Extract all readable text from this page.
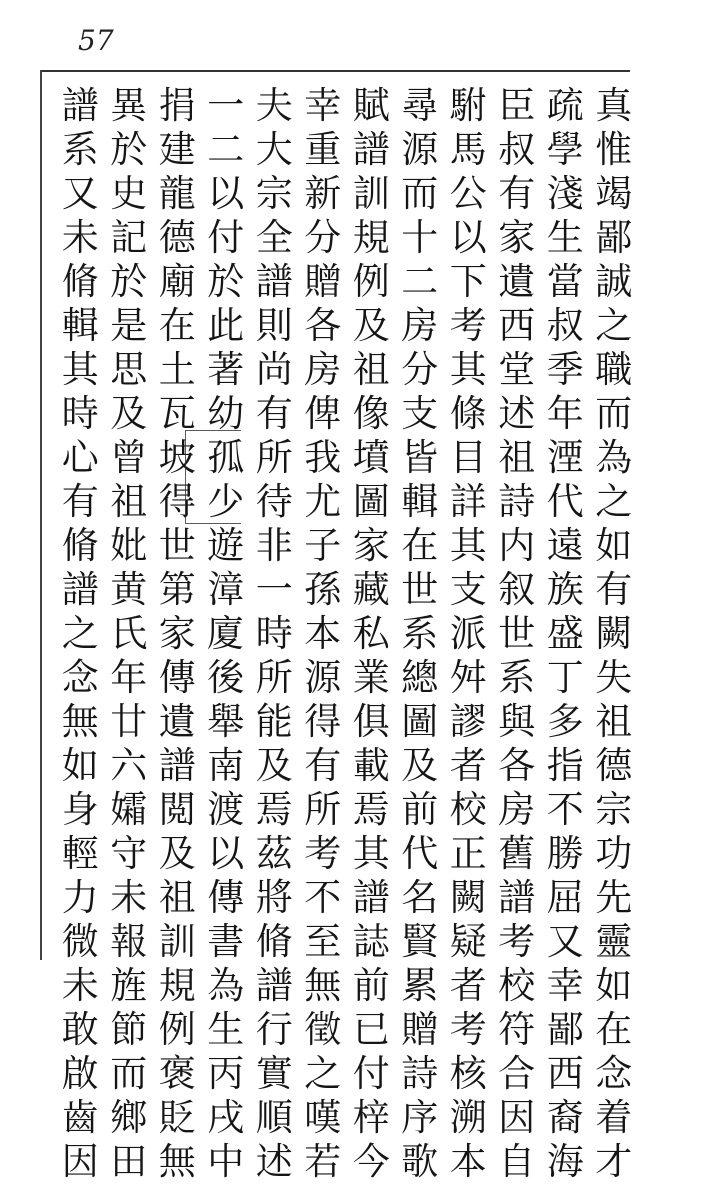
57
真
惟
竭
鄙
誠
之
職
而
為
之
如
有
闕
失
祖
德
宗
功
先
靈
如
在
念
着
才
疏
學
淺
生
當
叔
季
年
湮
代
遠
族
盛
丁
多
指
不
勝
屈
又
幸
鄙
西
裔
海
臣
叔
有
家
遺
西
堂
述
祖
詩
内
叙
世
系
與
各
房
舊
譜
考
校
符
合
因
自
駙
馬
公
以
下
考
其
條
目
詳
其
支
派
舛
謬
者
校
正
闕
疑
者
考
核
溯
本
尋
源
而
十
二
房
分
支
皆
輯
在
世
系
總
圖
及
前
代
名
賢
累
贈
詩
序
歌
賦
譜
訓
規
例
及
祖
像
墳
圖
家
藏
私
業
俱
載
焉
其
譜
誌
前
已
付
梓
今
幸
重
新
分
贈
各
房
俾
我
尤
子
孫
本
源
得
有
所
考
不
至
無
徵
之
嘆
若
夫
大
宗
全
譜
則
尚
有
所
待
非
一
時
所
能
及
焉
茲
將
脩
譜
行
實
順
述
一
二
以
付
於
此
著
幼
孤
少
遊
漳
廈
後
舉
南
渡
以
傳
書
為
生
丙
戌
中
捐
建
龍
德
廟
在
土
瓦
坡
得
世
第
家
傳
遺
譜
閲
及
祖
訓
規
例
褒
貶
無
異
於
史
記
於
是
思
及
曾
祖
妣
黄
氏
年
廿
六
孀
守
未
報
旌
節
而
鄉
田
譜
系
又
未
脩
輯
其
時
心
有
脩
譜
之
念
無
如
身
輕
力
微
未
敢
啟
齒
因
